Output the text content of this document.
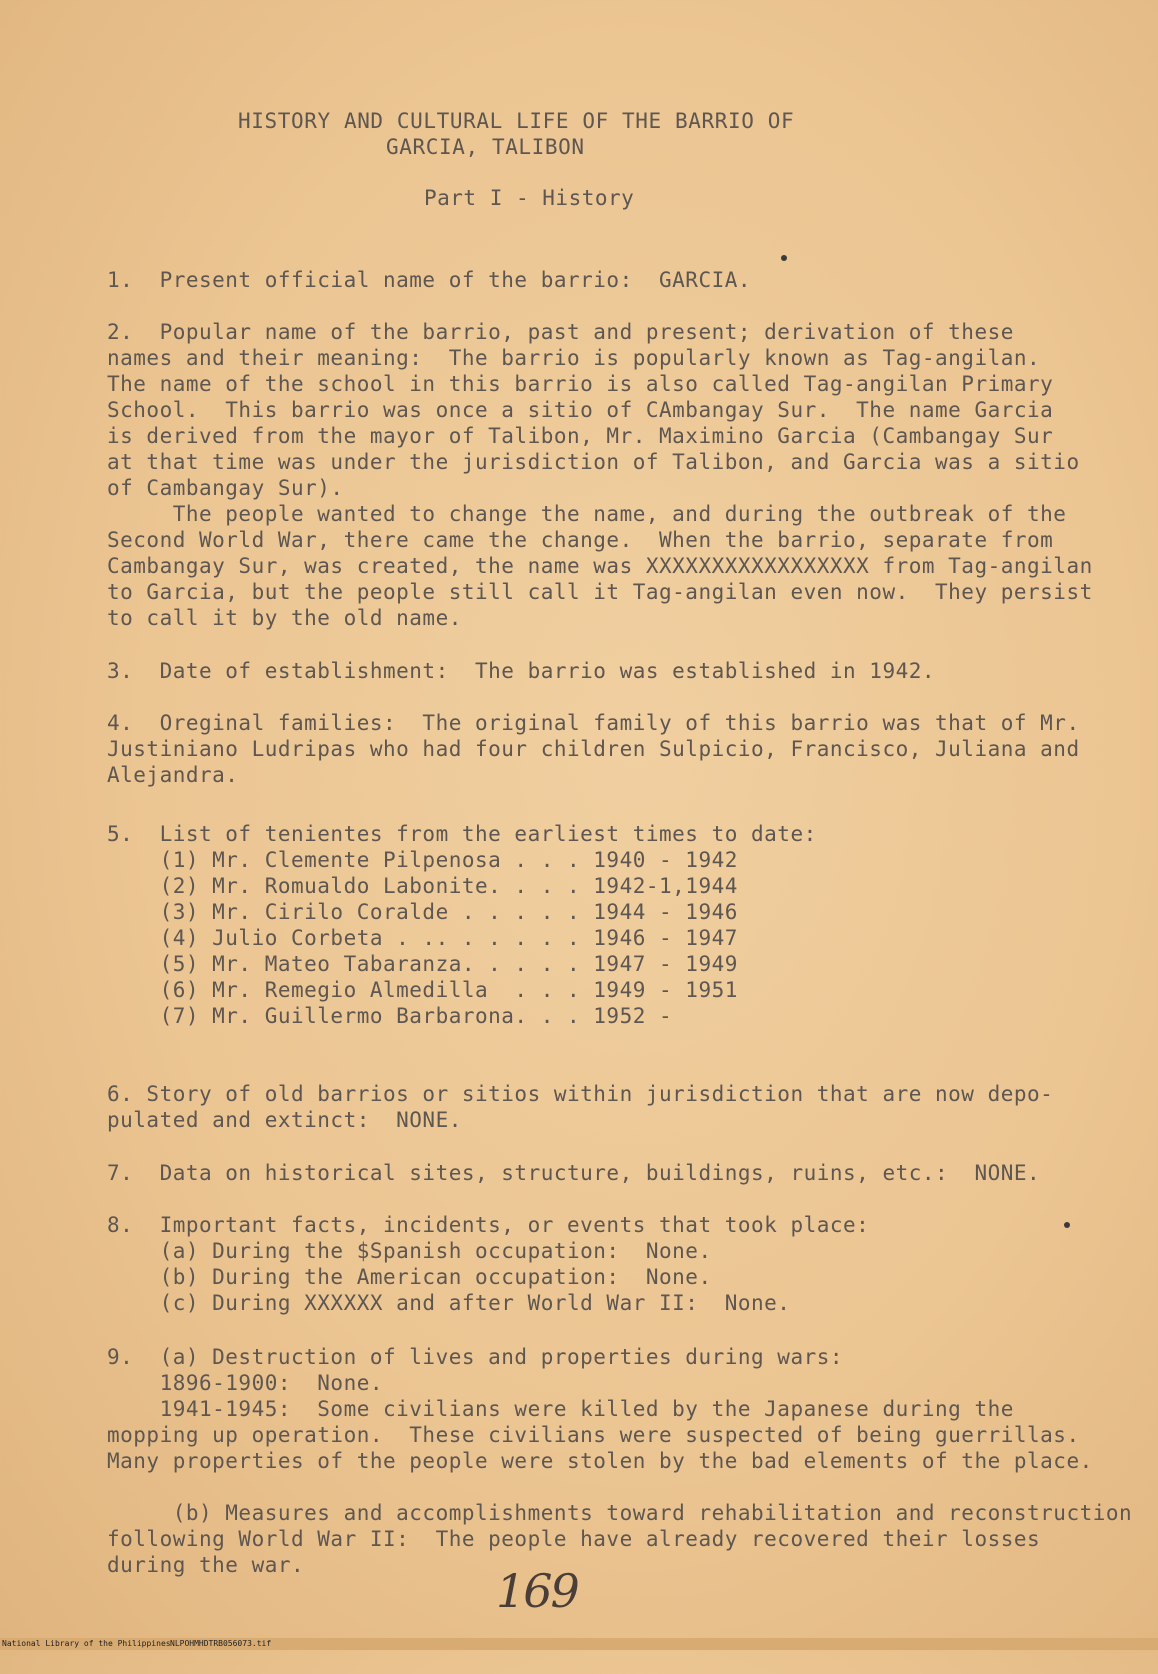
HISTORY AND CULTURAL LIFE OF THE BARRIO OF
GARCIA, TALIBON
Part I - History
1.  Present official name of the barrio:  GARCIA.
2.  Popular name of the barrio, past and present; derivation of these
names and their meaning:  The barrio is popularly known as Tag-angilan.
The name of the school in this barrio is also called Tag-angilan Primary
School.  This barrio was once a sitio of CAmbangay Sur.  The name Garcia
is derived from the mayor of Talibon, Mr. Maximino Garcia (Cambangay Sur
at that time was under the jurisdiction of Talibon, and Garcia was a sitio
of Cambangay Sur).
The people wanted to change the name, and during the outbreak of the
Second World War, there came the change.  When the barrio, separate from
Cambangay Sur, was created, the name was XXXXXXXXXXXXXXXXX from Tag-angilan
to Garcia, but the people still call it Tag-angilan even now.  They persist
to call it by the old name.
3.  Date of establishment:  The barrio was established in 1942.
4.  Oreginal families:  The original family of this barrio was that of Mr.
Justiniano Ludripas who had four children Sulpicio, Francisco, Juliana and
Alejandra.
5.  List of tenientes from the earliest times to date:
(1) Mr. Clemente Pilpenosa . . . 1940 - 1942
(2) Mr. Romualdo Labonite. . . . 1942-1,1944
(3) Mr. Cirilo Coralde . . . . . 1944 - 1946
(4) Julio Corbeta . .. . . . . . 1946 - 1947
(5) Mr. Mateo Tabaranza. . . . . 1947 - 1949
(6) Mr. Remegio Almedilla  . . . 1949 - 1951
(7) Mr. Guillermo Barbarona. . . 1952 -
6. Story of old barrios or sitios within jurisdiction that are now depo-
pulated and extinct:  NONE.
7.  Data on historical sites, structure, buildings, ruins, etc.:  NONE.
8.  Important facts, incidents, or events that took place:
(a) During the $Spanish occupation:  None.
(b) During the American occupation:  None.
(c) During XXXXXX and after World War II:  None.
9.  (a) Destruction of lives and properties during wars:
1896-1900:  None.
1941-1945:  Some civilians were killed by the Japanese during the
mopping up operation.  These civilians were suspected of being guerrillas.
Many properties of the people were stolen by the bad elements of the place.
(b) Measures and accomplishments toward rehabilitation and reconstruction
following World War II:  The people have already recovered their losses
during the war.	169

National Library of the Philippines

NLPOHMHDTRB056073.tif
